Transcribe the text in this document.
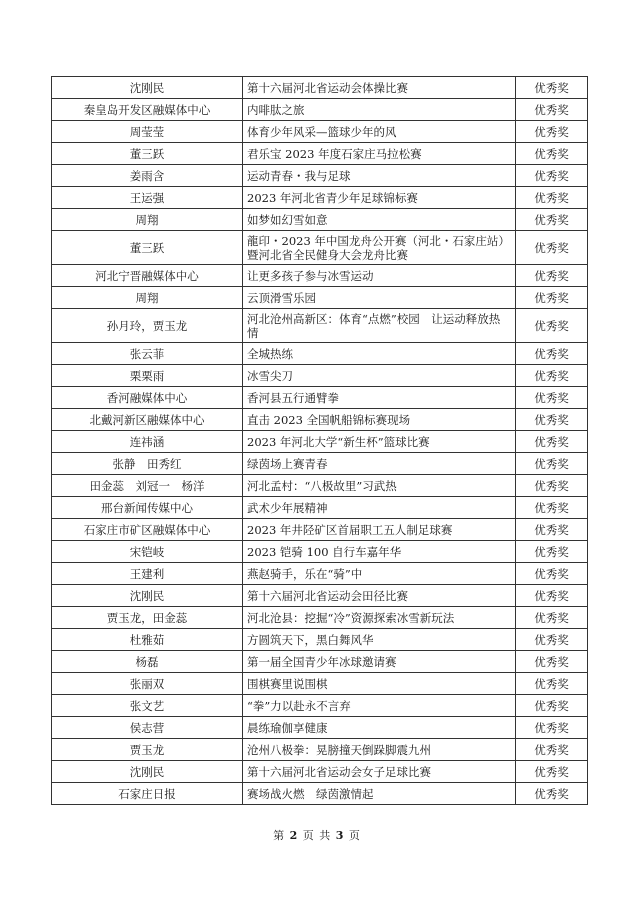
沈刚民	第十六届河北省运动会体操比赛	优秀奖
秦皇岛开发区融媒体中心	内啡肽之旅	优秀奖
周莹莹	体育少年风采—篮球少年的风	优秀奖
董三跃	君乐宝 2023 年度石家庄马拉松赛	优秀奖
姜雨含	运动青春・我与足球	优秀奖
王运强	2023 年河北省青少年足球锦标赛	优秀奖
周翔	如梦如幻雪如意	优秀奖
董三跃	龍印・2023 年中国龙舟公开赛（河北・石家庄站）暨河北省全民健身大会龙舟比赛	优秀奖
河北宁晋融媒体中心	让更多孩子参与冰雪运动	优秀奖
周翔	云顶滑雪乐园	优秀奖
孙月玲，贾玉龙	河北沧州高新区：体育“点燃”校园　让运动释放热情	优秀奖
张云菲	全城热练	优秀奖
栗栗雨	冰雪尖刀	优秀奖
香河融媒体中心	香河县五行通臂拳	优秀奖
北戴河新区融媒体中心	直击 2023 全国帆船锦标赛现场	优秀奖
连祎涵	2023 年河北大学“新生杯”篮球比赛	优秀奖
张静　田秀红	绿茵场上赛青春	优秀奖
田金蕊　刘冠一　杨洋	河北孟村：“八极故里”习武热	优秀奖
邢台新闻传媒中心	武术少年展精神	优秀奖
石家庄市矿区融媒体中心	2023 年井陉矿区首届职工五人制足球赛	优秀奖
宋铠岐	2023 铠骑 100 自行车嘉年华	优秀奖
王建利	燕赵骑手，乐在“骑”中	优秀奖
沈刚民	第十六届河北省运动会田径比赛	优秀奖
贾玉龙，田金蕊	河北沧县：挖掘“冷”资源探索冰雪新玩法	优秀奖
杜雅茹	方圆筑天下，黑白舞风华	优秀奖
杨磊	第一届全国青少年冰球邀请赛	优秀奖
张丽双	围棋赛里说围棋	优秀奖
张文艺	“拳”力以赴永不言弃	优秀奖
侯志营	晨练瑜伽享健康	优秀奖
贾玉龙	沧州八极拳：晃膀撞天倒跺脚震九州	优秀奖
沈刚民	第十六届河北省运动会女子足球比赛	优秀奖
石家庄日报	赛场战火燃　绿茵激情起	优秀奖
第 2 页 共 3 页
